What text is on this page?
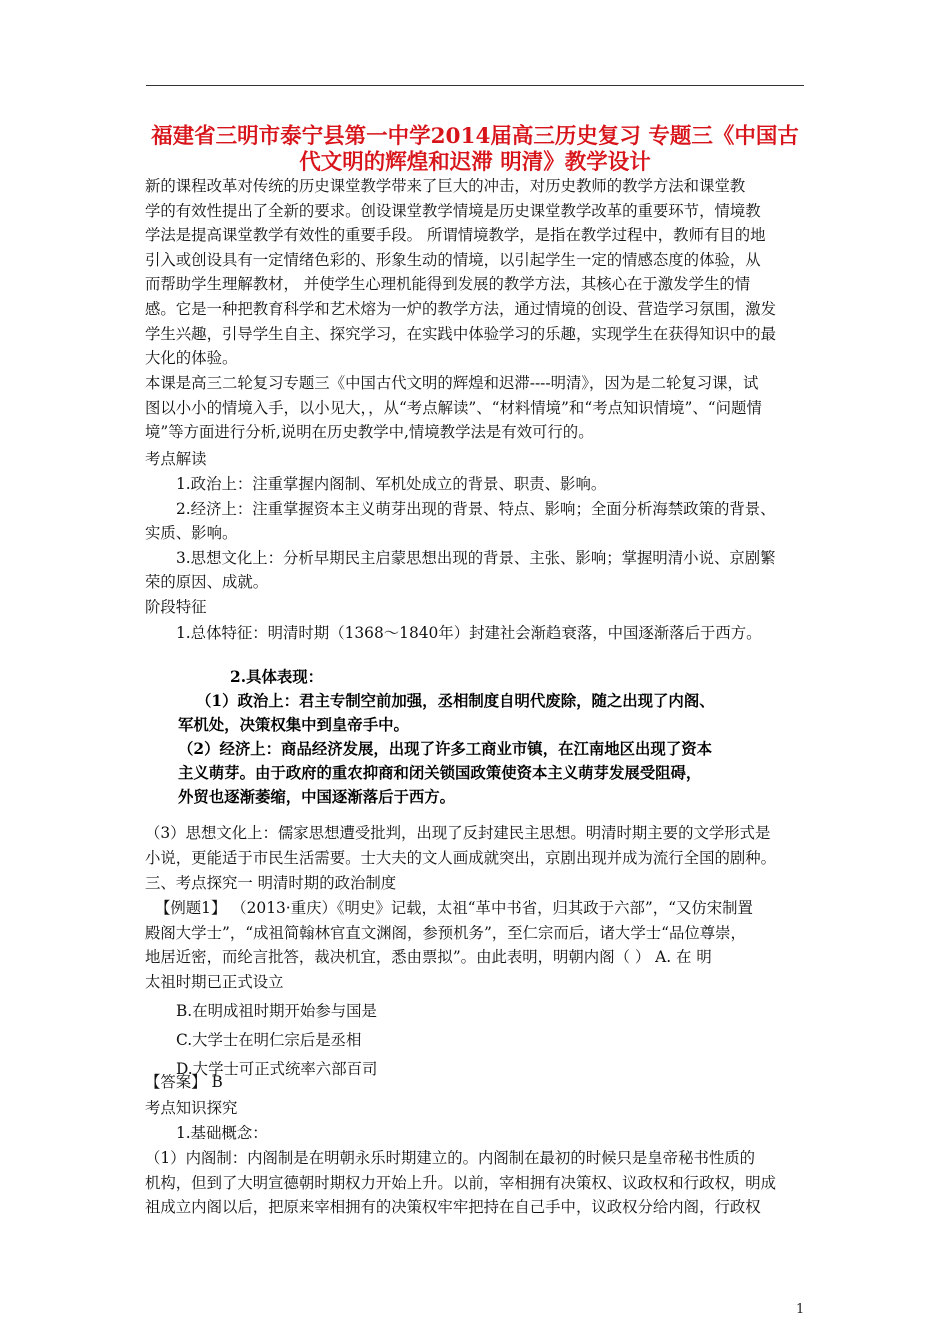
福建省三明市泰宁县第一中学2014届高三历史复习 专题三《中国古
代文明的辉煌和迟滞 明清》教学设计
新的课程改革对传统的历史课堂教学带来了巨大的冲击，对历史教师的教学方法和课堂教
学的有效性提出了全新的要求。创设课堂教学情境是历史课堂教学改革的重要环节，情境教
学法是提高课堂教学有效性的重要手段。 所谓情境教学，是指在教学过程中，教师有目的地
引入或创设具有一定情绪色彩的、形象生动的情境，以引起学生一定的情感态度的体验，从
而帮助学生理解教材， 并使学生心理机能得到发展的教学方法，其核心在于激发学生的情
感。它是一种把教育科学和艺术熔为一炉的教学方法，通过情境的创设、营造学习氛围，激发
学生兴趣，引导学生自主、探究学习，在实践中体验学习的乐趣，实现学生在获得知识中的最
大化的体验。
本课是高三二轮复习专题三《中国古代文明的辉煌和迟滞----明清》，因为是二轮复习课，试
图以小小的情境入手，以小见大，，从“考点解读”、“材料情境”和“考点知识情境”、“问题情
境”等方面进行分析,说明在历史教学中,情境教学法是有效可行的。
考点解读
1.政治上：注重掌握内阁制、军机处成立的背景、职责、影响。
2.经济上：注重掌握资本主义萌芽出现的背景、特点、影响；全面分析海禁政策的背景、
实质、影响。
3.思想文化上：分析早期民主启蒙思想出现的背景、主张、影响；掌握明清小说、京剧繁
荣的原因、成就。
阶段特征
1.总体特征：明清时期（1368～1840年）封建社会渐趋衰落，中国逐渐落后于西方。
2.具体表现：
（1）政治上：君主专制空前加强，丞相制度自明代废除，随之出现了内阁、
军机处，决策权集中到皇帝手中。
（2）经济上：商品经济发展，出现了许多工商业市镇，在江南地区出现了资本
主义萌芽。由于政府的重农抑商和闭关锁国政策使资本主义萌芽发展受阻碍，
外贸也逐渐萎缩，中国逐渐落后于西方。
（3）思想文化上：儒家思想遭受批判，出现了反封建民主思想。明清时期主要的文学形式是
小说，更能适于市民生活需要。士大夫的文人画成就突出，京剧出现并成为流行全国的剧种。
三、考点探究一 明清时期的政治制度
【例题1】 （2013·重庆）《明史》记载，太祖“革中书省，归其政于六部”，“又仿宋制置
殿阁大学士”，“成祖简翰林官直文渊阁，参预机务”，至仁宗而后，诸大学士“品位尊崇，
地居近密，而纶言批答，裁决机宜，悉由票拟”。由此表明，明朝内阁（ ） A. 在 明
太祖时期已正式设立
B.在明成祖时期开始参与国是
C.大学士在明仁宗后是丞相
D.大学士可正式统率六部百司
【答案】 B
考点知识探究
1.基础概念：
（1）内阁制：内阁制是在明朝永乐时期建立的。内阁制在最初的时候只是皇帝秘书性质的
机构，但到了大明宣德朝时期权力开始上升。以前，宰相拥有决策权、议政权和行政权，明成
祖成立内阁以后，把原来宰相拥有的决策权牢牢把持在自己手中，议政权分给内阁，行政权
1
